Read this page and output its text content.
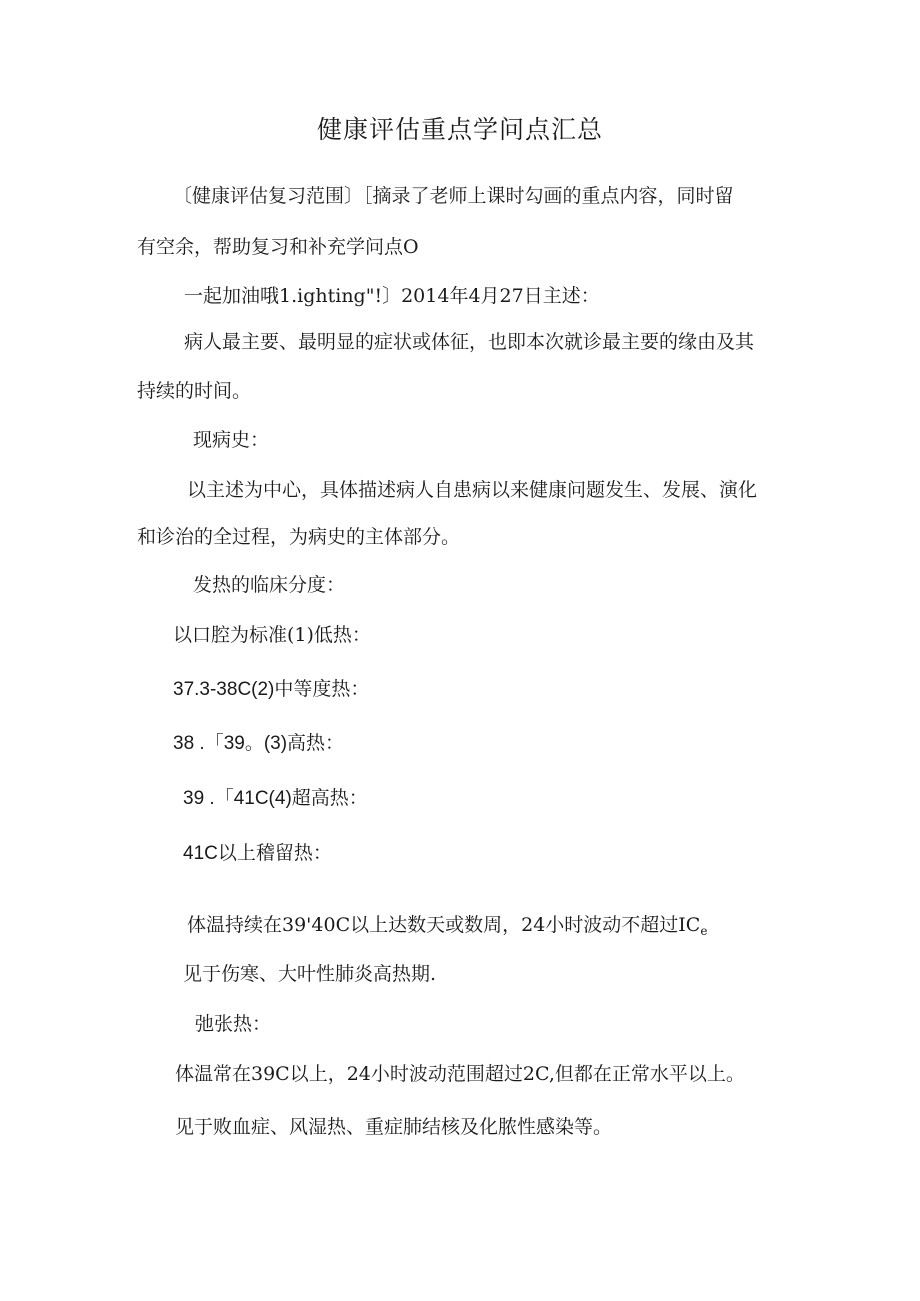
健康评估重点学问点汇总
〔健康评估复习范围〕［摘录了老师上课时勾画的重点内容，同时留
有空余，帮助复习和补充学问点O
一起加油哦1.ighting"!〕2014年4月27日主述：
病人最主要、最明显的症状或体征，也即本次就诊最主要的缘由及其
持续的时间。
现病史：
以主述为中心，具体描述病人自患病以来健康问题发生、发展、演化
和诊治的全过程，为病史的主体部分。
发热的临床分度：
以口腔为标准(1)低热：
37.3-38C(2)中等度热：
38 .「39。(3)高热：
39 .「41C(4)超高热：
41C以上稽留热：
体温持续在39'40C以上达数天或数周，24小时波动不超过$IC_e$
见于伤寒、大叶性肺炎高热期.
弛张热：
体温常在39C以上，24小时波动范围超过2C,但都在正常水平以上。
见于败血症、风湿热、重症肺结核及化脓性感染等。
